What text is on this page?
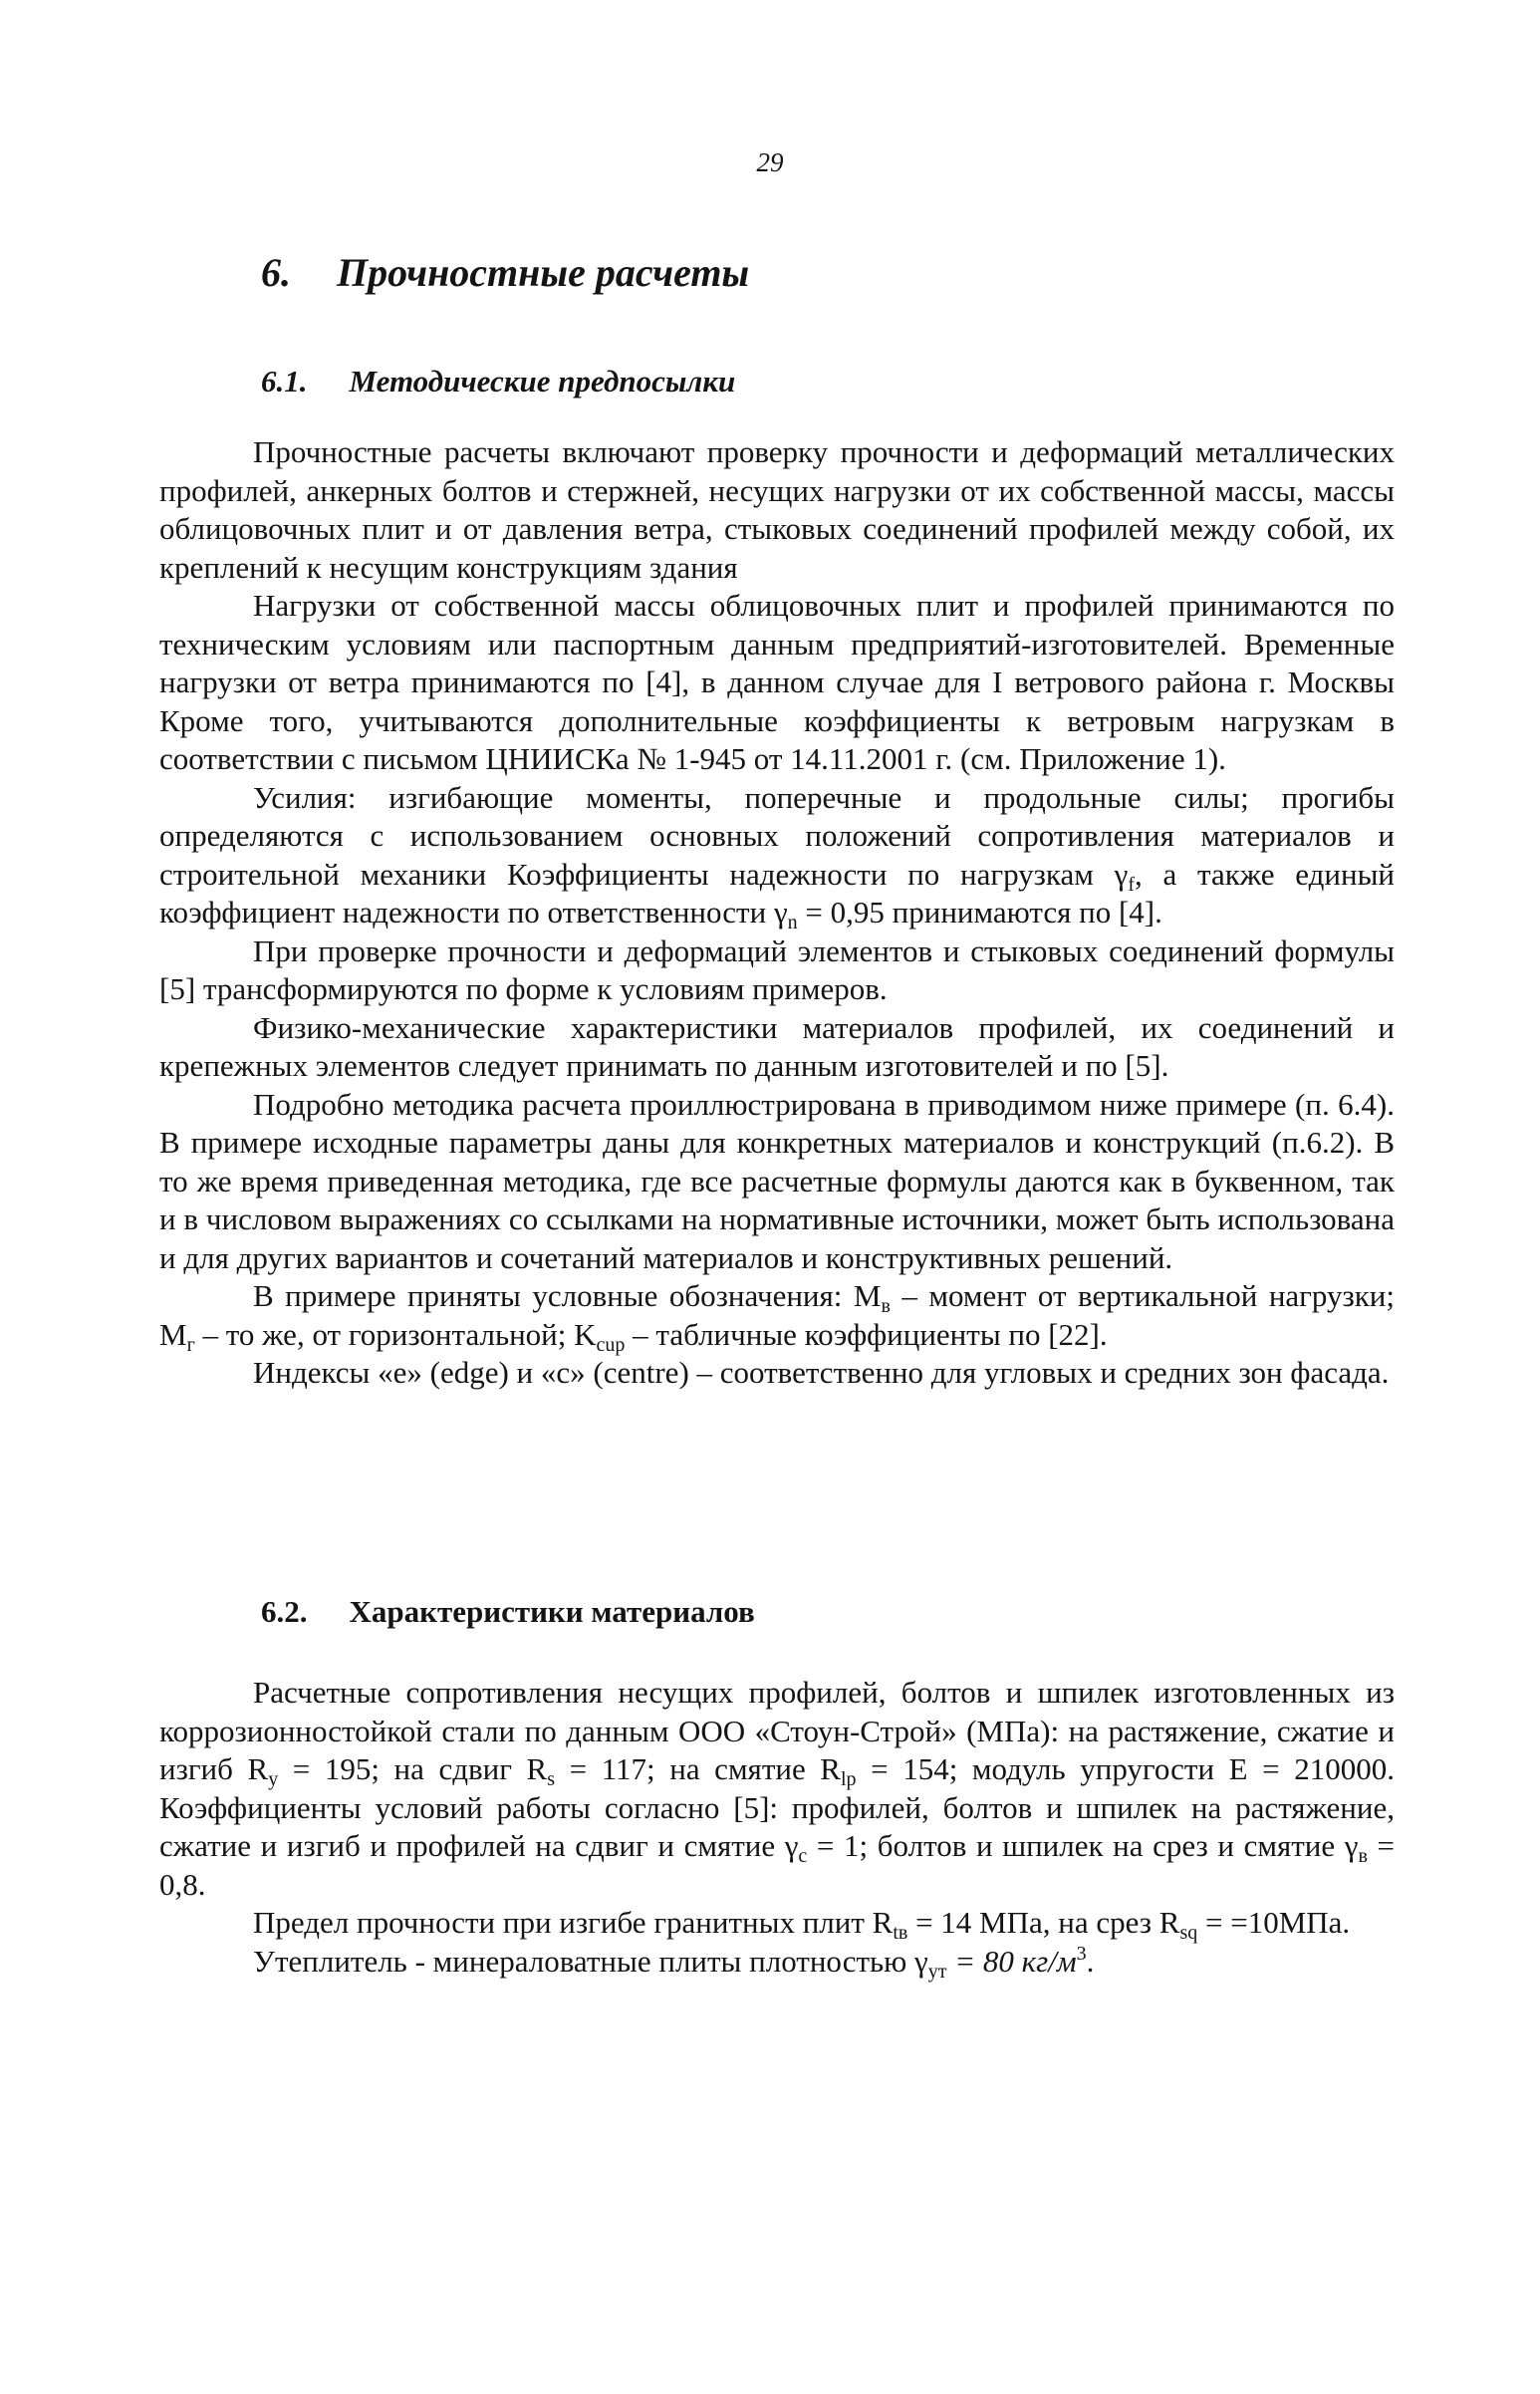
29
6. Прочностные расчеты
6.1. Методические предпосылки

Прочностные расчеты включают проверку прочности и деформаций металлических профилей, анкерных болтов и стержней, несущих нагрузки от их собственной массы, массы облицовочных плит и от давления ветра, стыковых соединений профилей между собой, их креплений к несущим конструкциям здания

Нагрузки от собственной массы облицовочных плит и профилей принимаются по техническим условиям или паспортным данным предприятий-изготовителей. Временные нагрузки от ветра принимаются по [4], в данном случае для I ветрового района г. Москвы Кроме того, учитываются дополнительные коэффициенты к ветровым нагрузкам в соответствии с письмом ЦНИИСКа № 1-945 от 14.11.2001 г. (см. Приложение 1).

Усилия: изгибающие моменты, поперечные и продольные силы; прогибы определяются с использованием основных положений сопротивления материалов и строительной механики Коэффициенты надежности по нагрузкам $\gamma_f$, а также единый коэффициент надежности по ответственности $\gamma_n = 0,95$ принимаются по [4].

При проверке прочности и деформаций элементов и стыковых соединений формулы [5] трансформируются по форме к условиям примеров.

Физико-механические характеристики материалов профилей, их соединений и крепежных элементов следует принимать по данным изготовителей и по [5].

Подробно методика расчета проиллюстрирована в приводимом ниже примере (п. 6.4). В примере исходные параметры даны для конкретных материалов и конструкций (п.6.2). В то же время приведенная методика, где все расчетные формулы даются как в буквенном, так и в числовом выражениях со ссылками на нормативные источники, может быть использована и для других вариантов и сочетаний материалов и конструктивных решений.

В примере приняты условные обозначения: $M_в$ – момент от вертикальной нагрузки; $M_г$ – то же, от горизонтальной; $K_{cup}$ – табличные коэффициенты по [22].

Индексы «e» (edge) и «c» (centre) – соответственно для угловых и средних зон фасада.

6.2. Характеристики материалов

Расчетные сопротивления несущих профилей, болтов и шпилек изготовленных из коррозионностойкой стали по данным ООО «Стоун-Строй» (МПа): на растяжение, сжатие и изгиб $R_y = 195$; на сдвиг $R_s = 117$; на смятие $R_{lp} = 154$; модуль упругости E = 210000. Коэффициенты условий работы согласно [5]: профилей, болтов и шпилек на растяжение, сжатие и изгиб и профилей на сдвиг и смятие $\gamma_c = 1$; болтов и шпилек на срез и смятие $\gamma_в = 0,8$.

Предел прочности при изгибе гранитных плит $R_{tв} = 14$ МПа, на срез $R_{sq} = =10МПа$.

Утеплитель - минераловатные плиты плотностью $\gamma_{ут} = 80$ $кг/м^3$.
